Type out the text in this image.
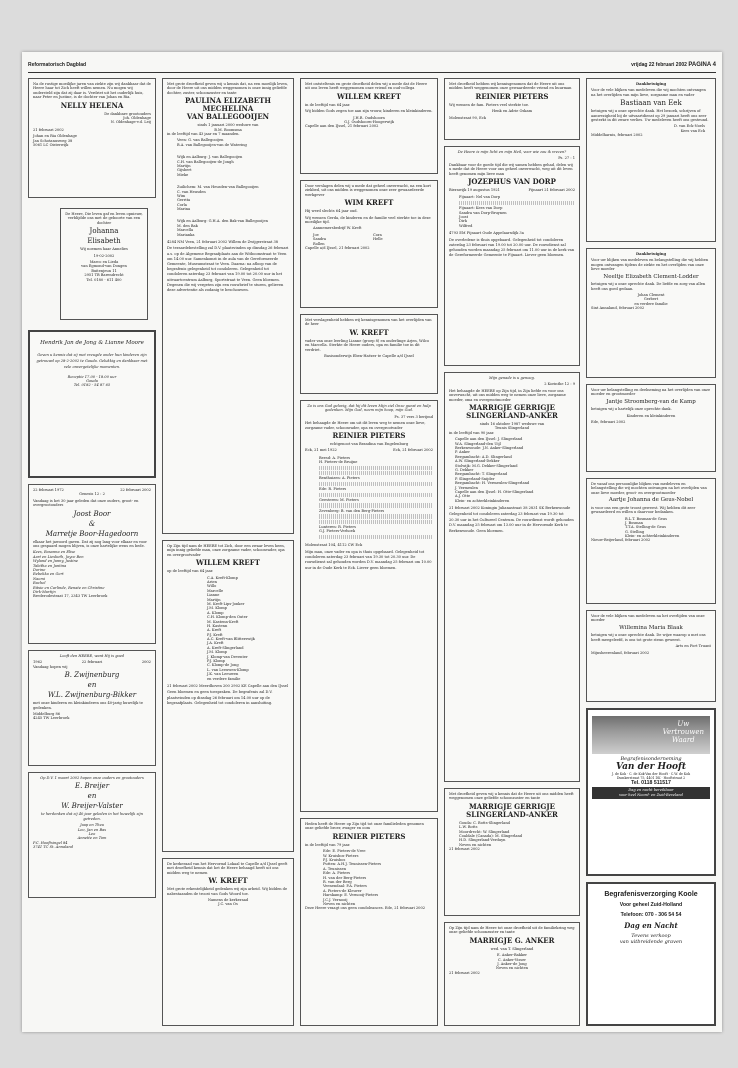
Reformatorisch Dagblad	vrijdag 22 februari 2002 PAGINA 4
Na de rustige moeilijke jaren van ziekte zijn wij dankbaar dat de Heere haar tot Zich heeft willen nemen. Nu mogen wij ondersteld zijn dat zij daar is. Verdriet uit het ouderlijk huis, naar Peter en Justine, is de dochter van Johan en Ria.
NELLY HELENA
De dankbare grootouders
Joh. Oldenhage
N. Oldenhage-v.d. Leij
21 februari 2002
Johan en Ria Oldenhage
Jan Schotanusweg 38
5061 LC Oisterwijk
De Heere, Die leven gaf en leven opnieuw, verblijdde ons met de geboorte van een dochter
Johanna
Elisabeth
Wij noemen haar Annelies
19-02-2002
Marco en Lieda
van Egmond-van Dongen
Buitenjeun 11
2951 TB Barendrecht
Tel. 0180 - 611 400
Hendrik Jan de Jong & Lianne Moore
Geven u kennis dat zij met vreugde onder hun kinderen zijn getrouwd op 28-2-2002 te Gouda. Gelukkig en dankbaar met vele onvergetelijke momenten.
Receptie 17.00 - 18.00 uur
Gouda
Tel. 0182 - 54 87 65
22 februari 1972	22 februari 2002
Genesis 12 : 2
Vandaag is het 30 jaar geleden dat onze ouders, groot- en overgrootouders
Joost Boor
&
Marretje Boor-Hagedoorn
elkaar het jawoord gaven. Dat zij nog lang voor elkaar en voor ons gespaard mogen blijven, is onze hartelijke wens en bede.
Kees, Rosanna en Elise
Aart en Liesbeth, Joyce Ben
Wyland en Janny, Justine
Tabitha en Jantina
Dorine
Rebekka en Gert
Naomi
Rachel
Ritsie en Carlinde, Renate en Christine
Dirk-Martijn
Brederodestraat 17, 2343 TW Leerbroek
Looft den HEERE, want Hij is goed
1962	22 februari	2002
Vandaag hopen wij
B. Zwijnenburg
en
W.L. Zwijnenburg-Bikker
met onze kinderen en kleinkinderen ons 40-jarig huwelijk te gedenken.
Middelburg 86
4245 TW Leerbroek
Op D.V. 1 maart 2002 hopen onze ouders en grootouders
E. Breijer
en
W. Breijer-Valster
te herdenken dat zij 40 jaar geleden in het huwelijk zijn getreden.
Jaap en Thea
Leo, Jan en Bas
Leo
Annette en Tom
P.C. Hooftsingel 84
3741 TC St. Annaland
Met grote droefheid geven wij u kennis dat, na een moeilijk leven, door de Heere uit ons midden weggenomen is onze innig geliefde dochter, zuster, schoonzuster en tante
PAULINA ELIZABETH
MECHELINA
VAN BALLEGOOIJEN
sinds 1 januari 2000 weduwe van
B.M. Boomsma
in de leeftijd van 43 jaar en 7 maanden.
Veen: G. van Ballegooijen
B.A. van Ballegooijen-van de Watering
Wijk en Aalburg: J. van Ballegooijen
C.H. van Ballegooijen-de Jongh
Martijn
Gijsbert
Mieke
Zuilichem: M. van Heusden-van Ballegooijen
C. van Heusden
Wim
Gerrita
Corla
Marina
Wijk en Aalburg: G.H.A. den Bak-van Ballegooijen
M. den Bak
Marcella
Marianka
4284 NM Veen, 21 februari 2002 Willem de Zwijgerstraat 38
De teraardebestelling zal D.V. plaatsvinden op dinsdag 26 februari a.s. op de Algemene Begraafplaats aan de Witboomstraat te Veen om 14.00 uur. Samenkomst in de aula van de Gereformeerde Gemeente, Museumstraat te Veen. Daarna: na afloop van de begrafenis gelegenheid tot condoleren. Gelegenheid tot condoleren zaterdag 23 februari van 19.00 tot 20.00 uur in het uitvaartcentrum Aalburg, Sportstraat te Veen. Geen bloemen. Degenen die wij vergeten zijn een rouwbrief te sturen, gelieven deze advertentie als zodanig te beschouwen.
Op Zijn tijd nam de HEERE tot Zich, door een zwaar leven heen, mijn innig geliefde man, onze zorgzame vader, schoonvader, opa en overgrootvader
WILLEM KREFT
op de leeftijd van 64 jaar.
C.A. Kreft-Klomp
Arien
Willo
Marcelle
Lianne
Martijn
M. Kreft-Lips-Jonker
J.M. Klomp
A. Klomp
C.H. Klomp-den Outer
M. Kastenn-Kreft
H. Kastenn
A. Kreft
P.J. Kreft
A.C. Kreft-van Blitterswijk
J.A. Kreft
A. Kreft-Slingerland
J.M. Klomp
J. Klomp-van Deventer
P.J. Klomp
C. Klomp-de Jong
L. van Leeuwen-Klomp
J.K. van Leeuwen
en verdere familie
21 februari 2002 Meerdhoven 200 2902 KE Capelle aan den IJssel
Geen bloemen en geen toespraken. De begrafenis zal D.V. plaatsvinden op dinsdag 26 februari om 14.00 uur op de begraafplaats. Gelegenheid tot condoleren in aansluiting.
De kerkeraad van het Hervormd Lokaal te Capelle a/d IJssel geeft met droefheid kennis dat het de Heere behaagd heeft uit ons midden weg te nemen
W. KREFT
Met grote erkentelijkheid gedenken wij zijn arbeid. Wij bidden de nabestaanden de troost van Gods Woord toe.
Namens de kerkeraad
J.C. van Os
Met ontsteltenis en grote droefheid delen wij u mede dat de Heere uit ons leven heeft weggenomen onze vriend en oud-collega
WILLEM KREFT
in de leeftijd van 64 jaar.
Wij bidden Gods zegen toe aan zijn vrouw, kinderen en kleinkinderen.
J.H.R. Oudshoorn
G.J. Oudshoorn-Hoogerwijk
Capelle aan den IJssel, 21 februari 2002
Door verslagen delen wij u mede dat geheel onverwacht, na een kort ziekbed, uit ons midden is weggenomen onze zeer gewaardeerde werkgever
WIM KREFT
Hij werd slechts 64 jaar oud.
Wij wensen Gerda, de kinderen en de familie veel sterkte toe in deze moeilijke tijd.
Aannemersbedrijf W. Kreft
Joe	Cora
Sandra	Helle
Rollen
Capelle a/d IJssel, 21 februari 2002
Met verslagenheid hebben wij kennisgenomen van het overlijden van de heer
W. KREFT
vader van onze leerling Lianne (groep 8) en onderlinge Arjen, Wilco en Marcella. Sterkte de Heere ouders, opa en familie toe in dit verdriet.
Basisonderwijs Eben-Haëzer te Capelle a/d IJssel
Zo is ons God gelovig, dat hij dit leven Mijn ziel Onze gunst en hulp gedenken. Mijn God, neem mijn hoop, mijn God.
Ps. 37 vers 3 berijmd
Het behaagde de Heere om uit dit leven weg te nemen onze lieve, zorgzame vader, schoonvader, opa en overgrootvader
REINIER PIETERS
echtgenoot van Brandina van Engelenburg
Eck, 21 mei 1922	Eck, 21 februari 2002
Beesd: A. Pieters
H. Pieters-de Bruijne
Benthuizen: A. Pieters
Ede: R. Pieters
Geesteren: M. Pieters
Zevenberg: B. van den Berg-Pieters
Lunteren: R. Pieters
G.J. Pieters-Verhoek
Molenstraat 104, 4112 CW Eck
Mijn man, onze vader en opa is thuis opgebaard. Gelegenheid tot condoleren zaterdag 23 februari van 19.30 tot 20.30 uur. De rouwdienst zal gehouden worden D.V. maandag 25 februari om 10.00 uur in de Oude Kerk te Eck. Liever geen bloemen.
Heden heeft de Heere op Zijn tijd tot onze familieleden genomen onze geliefde broer, zwager en oom
REINIER PIETERS
in de leeftijd van 79 jaar.
Ede: E. Pieters-de Vree
W. Kruisbos-Pieters
P.J. Kruisbos
Putten: A.H.J. Teunissen-Pieters
A. Teunissen
Ede: A. Pieters
H. van der Berg-Pieters
R. van der Berg
Veenendaal: P.A. Pieters
A. Pieters-de Kleuver
Harskamp: E. Vernooij-Pieters
J.C.J. Vernooij
Neven en nichten
Deze Heere vraagt ons geen condoleances. Ede, 21 februari 2002
Met droefheid hebben wij kennisgenomen dat de Heere uit ons midden heeft weggenomen onze gewaardeerde vriend en buurman
REINIER PIETERS
Wij wensen de fam. Pieters veel sterkte toe.
Henk en Adrie Oskam
Molenstraat 90, Eck
De Heere is mijn licht en mijn Heil, voor wie zou ik vrezen?
Ps. 27 : 1
Dankbaar voor de goede tijd die wij samen hebben gehad, delen wij u mede dat de Heere voor ons geheel onverwacht, weg uit dit leven heeft genomen mijn lieve man
JOZEPHUS VAN DORP
Bierawijk 19 augustus 1921	Fijnaart 21 februari 2002
Fijnaart: Nel van Dorp
Fijnaart: Kees van Dorp
Sandra van Dorp-Bruynen
Joost
Dirk
Wilfred
4793 EM Fijnaart Oude Appelaarsdijk 3a
De overledene is thuis opgebaard. Gelegenheid tot condoleren zaterdag 23 februari van 19.00 tot 20.00 uur. De rouwdienst zal gehouden worden maandag 25 februari om 11.00 uur in de kerk van de Gereformeerde Gemeente te Fijnaart. Liever geen bloemen.
Mijn genade is u genoeg.
2 Korinthe 12 : 9
Het behaagde de HEERE op Zijn tijd, in Zijn liefde en voor ons onverwacht, uit ons midden weg te nemen onze lieve, zorgzame moeder, oma en overgrootmoeder
MARRIGJE GERRIGJE
SLINGERLAND-ANKER
sinds 16 oktober 1987 weduwe van
Teunis Slingerland
in de leeftijd van 90 jaar.
Capelle aan den IJssel: J. Slingerland
W.A. Slingerland-den Uijl
Berkenwoude: J.N. Anker-Slingerland
P. Anker
Bergambacht: A.D. Slingerland
A.W. Slingerland-Dekker
Stolwijk: M.G. Dekker-Slingerland
G. Dekker
Bergambacht: T. Slingerland
P. Slingerland-Snijder
Bergambacht: H. Vermeulen-Slingerland
J. Vermeulen
Capelle aan den IJssel: H. Otte-Slingerland
A.J. Otte
Klein- en achterkleinkinderen
21 februari 2002 Koningin Julianastraat 38 2831 SK Berkenwoude
Gelegenheid tot condoleren zaterdag 23 februari van 19.30 tot 20.30 uur in het Cultureel Centrum. De rouwdienst wordt gehouden D.V. maandag 25 februari om 13.00 uur in de Hervormde Kerk te Berkenwoude. Geen bloemen.
Met droefheid geven wij u kennis dat de Heere uit ons midden heeft weggenomen onze geliefde schoonzuster en tante
MARRIGJE GERRIGJE
SLINGERLAND-ANKER
Gouda: C. Botts-Slingerland
L.W. Botts
Moordrecht: W. Slingerland
Coaldale (Canada): M. Slingerland
H.D. Slingerland-Verduyn
Neven en nichten
21 februari 2002
Op Zijn tijd nam de Heere tot onze droefheid uit de familiekring weg onze geliefde schoonzuster en tante
MARRIGJE G. ANKER
wed. van T. Slingerland
E. Anker-Bakker
C. Anker-Visser
J. Anker-de Jong
Neven en nichten
21 februari 2002
Dankbetuiging
Voor de vele blijken van medeleven die wij mochten ontvangen na het overlijden van mijn lieve, zorgzame man en vader
Bastiaan van Eek
betuigen wij u onze oprechte dank. Het bezoek, schrijven of aanwezigheid bij de uitvaartdienst op 29 januari heeft ons zeer gesterkt in dit zware verlies. Uw medeleven heeft ons gesteund.
D. van Eck-Noels
Kees van Eck
Middelharnis, februari 2002
Dankbetuiging
Voor uw blijken van medeleven en belangstelling die wij hebben mogen ontvangen tijdens de ziekte en het overlijden van onze lieve moeder
Neeltje Elizabeth Clement-Lodder
betuigen wij u onze oprechte dank. De liefde en zorg van allen heeft ons goed gedaan.
Johan Clement
Gerbert
en verdere familie
Sint Annaland, februari 2002
Voor uw belangstelling en deelneming na het overlijden van onze moeder en grootmoeder
Jantje Stroomberg-van de Kamp
betuigen wij u hartelijk onze oprechte dank.
Kinderen en kleinkinderen
Ede, februari 2002
De vanaf ons persoonlijke blijken van medeleven en belangstelling die wij mochten ontvangen na het overlijden van onze lieve moeder, groot- en overgrootmoeder
Aartje Johanna de Geus-Nobel
is voor ons een grote troost geweest. Wij hebben dit zeer gewaardeerd en willen u daarvoor bedanken.
B.L.T. Bosman-de Geus
J. Bosman
T.T.A. Stelling-de Geus
G. Stelling
Klein- en achterkleinkinderen
Nieuw-Beijerland, februari 2002
Voor de vele blijken van medeleven na het overlijden van onze moeder
Willemina Maria Blaak
betuigen wij u onze oprechte dank. De wijze waarop u met ons heeft meegeleefd, is ons tot grote steun geweest.
Arts en Fort Truant
Mijnsheerenland, februari 2002
Uw
Vertrouwen
Waard
Begrafenisonderneming
Van der Hooft
J. de Kok · C. de Kok-Van der Hooft · C.W. de Kok
Dumkerstraat 75, 4401 DK · Hooftstraat 2
Tel. 0118 511517
Dag en nacht bereikbaar
voor heel Noord- en Zuid-Beveland
Begrafenisverzorging Koole
Voor geheel Zuid-Holland
Telefoon: 070 - 306 54 54
Dag en Nacht
Tevens verkoop
van uitbreidende graven
